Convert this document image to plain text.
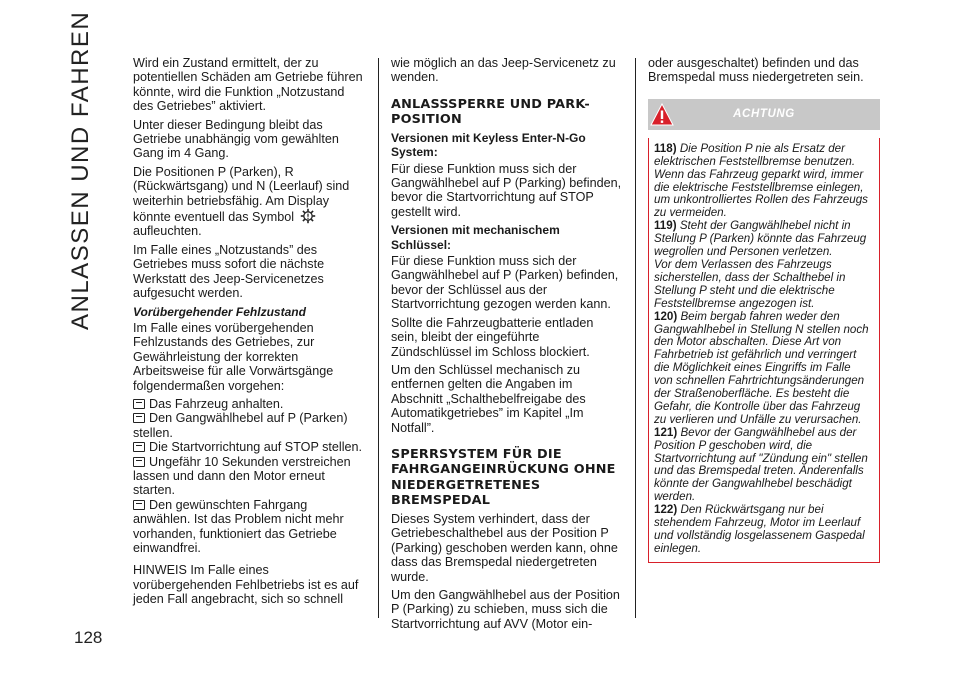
ANLASSEN UND FAHREN
128

Wird ein Zustand ermittelt, der zu potentiellen Schäden am Getriebe führen könnte, wird die Funktion „Notzustand des Getriebes” aktiviert.

Unter dieser Bedingung bleibt das Getriebe unabhängig vom gewählten Gang im 4 Gang.

Die Positionen P (Parken), R (Rückwärtsgang) und N (Leerlauf) sind weiterhin betriebsfähig. Am Display könnte eventuell das Symbol
aufleuchten.

Im Falle eines „Notzustands” des Getriebes muss sofort die nächste Werkstatt des Jeep-Servicenetzes aufgesucht werden.

Vorübergehender Fehlzustand

Im Falle eines vorübergehenden Fehlzustands des Getriebes, zur Gewährleistung der korrekten Arbeitsweise für alle Vorwärtsgänge folgendermaßen vorgehen:

Das Fahrzeug anhalten.

Den Gangwählhebel auf P (Parken) stellen.

Die Startvorrichtung auf STOP stellen.

Ungefähr 10 Sekunden verstreichen lassen und dann den Motor erneut starten.

Den gewünschten Fahrgang anwählen. Ist das Problem nicht mehr vorhanden, funktioniert das Getriebe einwandfrei.

HINWEIS Im Falle eines vorübergehenden Fehlbetriebs ist es auf jeden Fall angebracht, sich so schnell

wie möglich an das Jeep-Servicenetz zu wenden.

ANLASSSPERRE UND PARK-POSITION

Versionen mit Keyless Enter-N-Go System:

Für diese Funktion muss sich der Gangwählhebel auf P (Parking) befinden, bevor die Startvorrichtung auf STOP gestellt wird.

Versionen mit mechanischem Schlüssel:

Für diese Funktion muss sich der Gangwählhebel auf P (Parken) befinden, bevor der Schlüssel aus der Startvorrichtung gezogen werden kann.

Sollte die Fahrzeugbatterie entladen sein, bleibt der eingeführte Zündschlüssel im Schloss blockiert.

Um den Schlüssel mechanisch zu entfernen gelten die Angaben im Abschnitt „Schalthebelfreigabe des Automatikgetriebes” im Kapitel „Im Notfall”.

SPERRSYSTEM FÜR DIE FAHRGANGEINRÜCKUNG OHNE NIEDERGETRETENES BREMSPEDAL

Dieses System verhindert, dass der Getriebeschalthebel aus der Position P (Parking) geschoben werden kann, ohne dass das Bremspedal niedergetreten wurde.

Um den Gangwählhebel aus der Position P (Parking) zu schieben, muss sich die Startvorrichtung auf AVV (Motor ein-

oder ausgeschaltet) befinden und das Bremspedal muss niedergetreten sein.

ACHTUNG

118) Die Position P nie als Ersatz der elektrischen Feststellbremse benutzen. Wenn das Fahrzeug geparkt wird, immer die elektrische Feststellbremse einlegen, um unkontrolliertes Rollen des Fahrzeugs zu vermeiden.

119) Steht der Gangwählhebel nicht in Stellung P (Parken) könnte das Fahrzeug wegrollen und Personen verletzen.
Vor dem Verlassen des Fahrzeugs sicherstellen, dass der Schalthebel in Stellung P steht und die elektrische Feststellbremse angezogen ist.

120) Beim bergab fahren weder den Gangwahlhebel in Stellung N stellen noch den Motor abschalten. Diese Art von Fahrbetrieb ist gefährlich und verringert die Möglichkeit eines Eingriffs im Falle von schnellen Fahrtrichtungsänderungen der Straßenoberfläche. Es besteht die Gefahr, die Kontrolle über das Fahrzeug zu verlieren und Unfälle zu verursachen.

121) Bevor der Gangwählhebel aus der Position P geschoben wird, die Startvorrichtung auf "Zündung ein" stellen und das Bremspedal treten. Anderenfalls könnte der Gangwahlhebel beschädigt werden.

122) Den Rückwärtsgang nur bei stehendem Fahrzeug, Motor im Leerlauf und vollständig losgelassenem Gaspedal einlegen.
